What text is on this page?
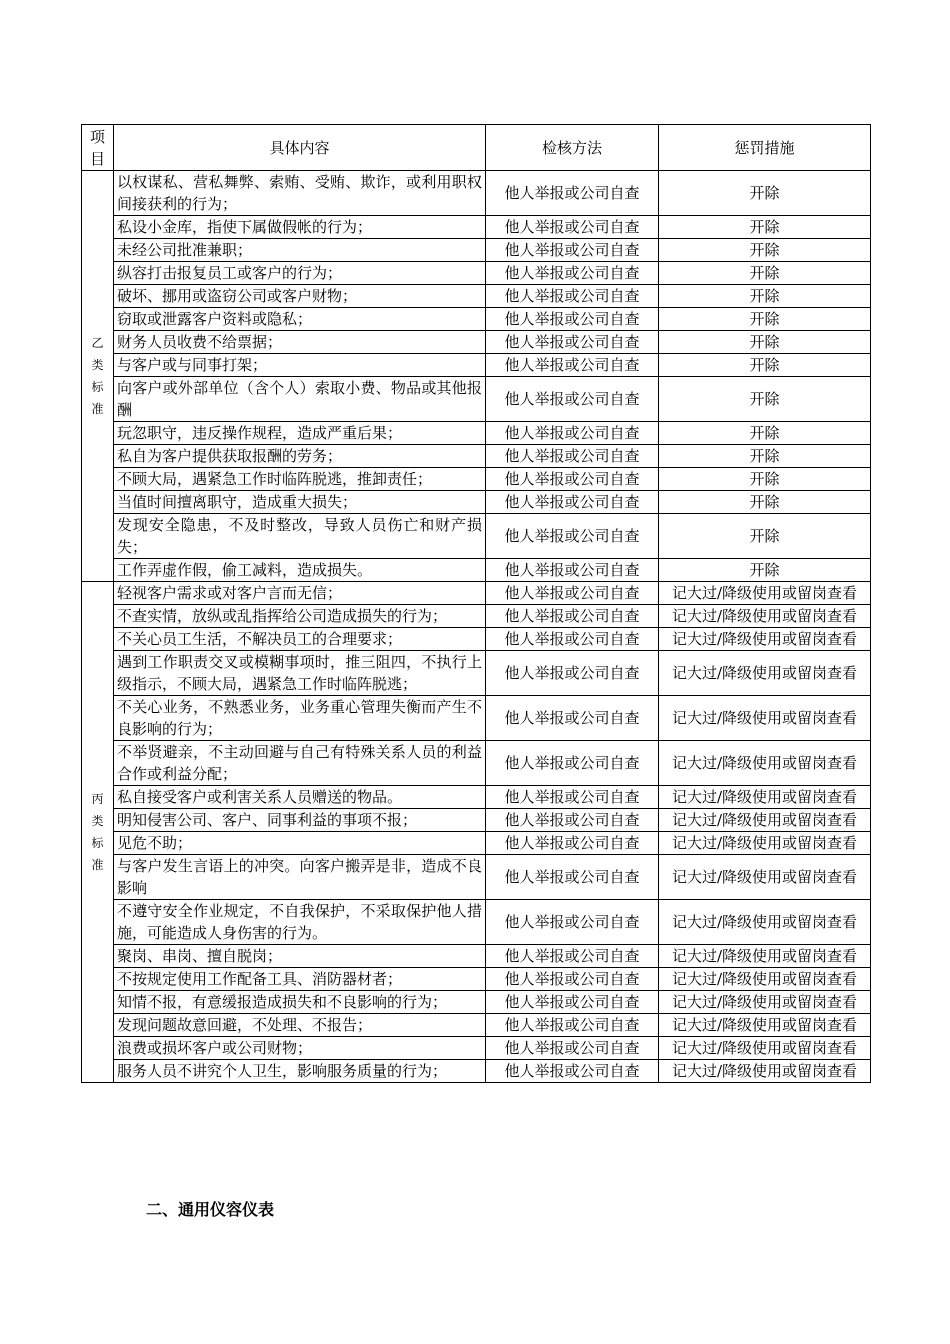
项目	具体内容	检核方法	惩罚措施
乙类标准	以权谋私、营私舞弊、索贿、受贿、欺诈，或利用职权间接获利的行为；	他人举报或公司自查	开除
	私设小金库，指使下属做假帐的行为；	他人举报或公司自查	开除
	未经公司批准兼职；	他人举报或公司自查	开除
	纵容打击报复员工或客户的行为；	他人举报或公司自查	开除
	破坏、挪用或盗窃公司或客户财物；	他人举报或公司自查	开除
	窃取或泄露客户资料或隐私；	他人举报或公司自查	开除
	财务人员收费不给票据；	他人举报或公司自查	开除
	与客户或与同事打架；	他人举报或公司自查	开除
	向客户或外部单位（含个人）索取小费、物品或其他报酬	他人举报或公司自查	开除
	玩忽职守，违反操作规程，造成严重后果；	他人举报或公司自查	开除
	私自为客户提供获取报酬的劳务；	他人举报或公司自查	开除
	不顾大局，遇紧急工作时临阵脱逃，推卸责任；	他人举报或公司自查	开除
	当值时间擅离职守，造成重大损失；	他人举报或公司自查	开除
	发现安全隐患，不及时整改，导致人员伤亡和财产损失；	他人举报或公司自查	开除
	工作弄虚作假，偷工减料，造成损失。	他人举报或公司自查	开除
丙类标准	轻视客户需求或对客户言而无信；	他人举报或公司自查	记大过/降级使用或留岗查看
	不查实情，放纵或乱指挥给公司造成损失的行为；	他人举报或公司自查	记大过/降级使用或留岗查看
	不关心员工生活，不解决员工的合理要求；	他人举报或公司自查	记大过/降级使用或留岗查看
	遇到工作职责交叉或模糊事项时，推三阻四，不执行上级指示，不顾大局，遇紧急工作时临阵脱逃；	他人举报或公司自查	记大过/降级使用或留岗查看
	不关心业务，不熟悉业务，业务重心管理失衡而产生不良影响的行为；	他人举报或公司自查	记大过/降级使用或留岗查看
	不举贤避亲，不主动回避与自己有特殊关系人员的利益合作或利益分配；	他人举报或公司自查	记大过/降级使用或留岗查看
	私自接受客户或利害关系人员赠送的物品。	他人举报或公司自查	记大过/降级使用或留岗查看
	明知侵害公司、客户、同事利益的事项不报；	他人举报或公司自查	记大过/降级使用或留岗查看
	见危不助；	他人举报或公司自查	记大过/降级使用或留岗查看
	与客户发生言语上的冲突。向客户搬弄是非，造成不良影响	他人举报或公司自查	记大过/降级使用或留岗查看
	不遵守安全作业规定，不自我保护，不采取保护他人措施，可能造成人身伤害的行为。	他人举报或公司自查	记大过/降级使用或留岗查看
	聚岗、串岗、擅自脱岗；	他人举报或公司自查	记大过/降级使用或留岗查看
	不按规定使用工作配备工具、消防器材者；	他人举报或公司自查	记大过/降级使用或留岗查看
	知情不报，有意缓报造成损失和不良影响的行为；	他人举报或公司自查	记大过/降级使用或留岗查看
	发现问题故意回避，不处理、不报告；	他人举报或公司自查	记大过/降级使用或留岗查看
	浪费或损坏客户或公司财物；	他人举报或公司自查	记大过/降级使用或留岗查看
	服务人员不讲究个人卫生，影响服务质量的行为；	他人举报或公司自查	记大过/降级使用或留岗查看
二、通用仪容仪表
